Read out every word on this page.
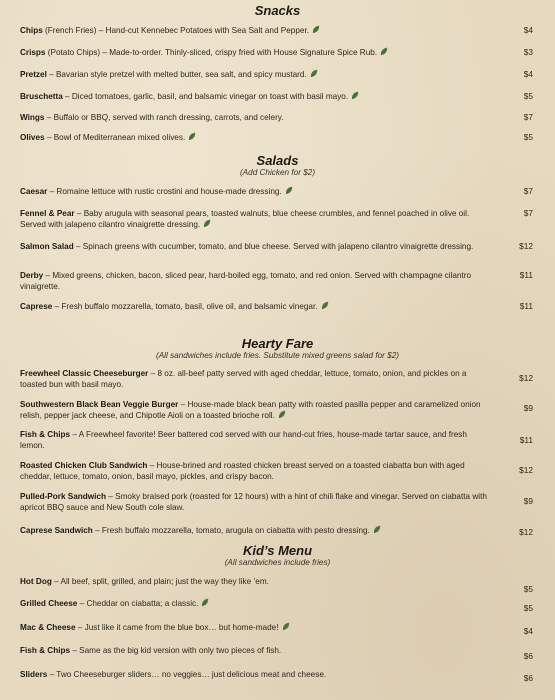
Snacks
Chips (French Fries) – Hand-cut Kennebec Potatoes with Sea Salt and Pepper.	$4
Crisps (Potato Chips) – Made-to-order. Thinly-sliced, crispy fried with House Signature Spice Rub.	$3
Pretzel – Bavarian style pretzel with melted butter, sea salt, and spicy mustard.	$4
Bruschetta – Diced tomatoes, garlic, basil, and balsamic vinegar on toast with basil mayo.	$5
Wings – Buffalo or BBQ, served with ranch dressing, carrots, and celery.	$7
Olives – Bowl of Mediterranean mixed olives.	$5
Salads
(Add Chicken for $2)
Caesar – Romaine lettuce with rustic crostini and house-made dressing.	$7
Fennel & Pear – Baby arugula with seasonal pears, toasted walnuts, blue cheese crumbles, and fennel poached in olive oil. Served with jalapeno cilantro vinaigrette dressing.
$7
Salmon Salad – Spinach greens with cucumber, tomato, and blue cheese. Served with jalapeno cilantro vinaigrette dressing.	$12
Derby – Mixed greens, chicken, bacon, sliced pear, hard-boiled egg, tomato, and red onion. Served with champagne cilantro vinaigrette.
$11
Caprese – Fresh buffalo mozzarella, tomato, basil, olive oil, and balsamic vinegar.	$11
Hearty Fare
(All sandwiches include fries. Substitute mixed greens salad for $2)
Freewheel Classic Cheeseburger – 8 oz. all-beef patty served with aged cheddar, lettuce, tomato, onion, and pickles on a toasted bun with basil mayo.
$12
Southwestern Black Bean Veggie Burger – House-made black bean patty with roasted pasilla pepper and caramelized onion relish, pepper jack cheese, and Chipotle Aioli on a toasted brioche roll.
$9
Fish & Chips – A Freewheel favorite! Beer battered cod served with our hand-cut fries, house-made tartar sauce, and fresh lemon.
$11
Roasted Chicken Club Sandwich – House-brined and roasted chicken breast served on a toasted ciabatta bun with aged cheddar, lettuce, tomato, onion, basil mayo, pickles, and crispy bacon.
$12
Pulled-Pork Sandwich – Smoky braised pork (roasted for 12 hours) with a hint of chili flake and vinegar. Served on ciabatta with apricot BBQ sauce and New South cole slaw.
$9
Caprese Sandwich – Fresh buffalo mozzarella, tomato, arugula on ciabatta with pesto dressing.	$12
Kid’s Menu
(All sandwiches include fries)
Hot Dog – All beef, split, grilled, and plain; just the way they like ’em.
$5
Grilled Cheese – Cheddar on ciabatta; a classic.	$5
Mac & Cheese – Just like it came from the blue box… but home-made!	$4
Fish & Chips – Same as the big kid version with only two pieces of fish.
$6
Sliders – Two Cheeseburger sliders… no veggies… just delicious meat and cheese.	$6
